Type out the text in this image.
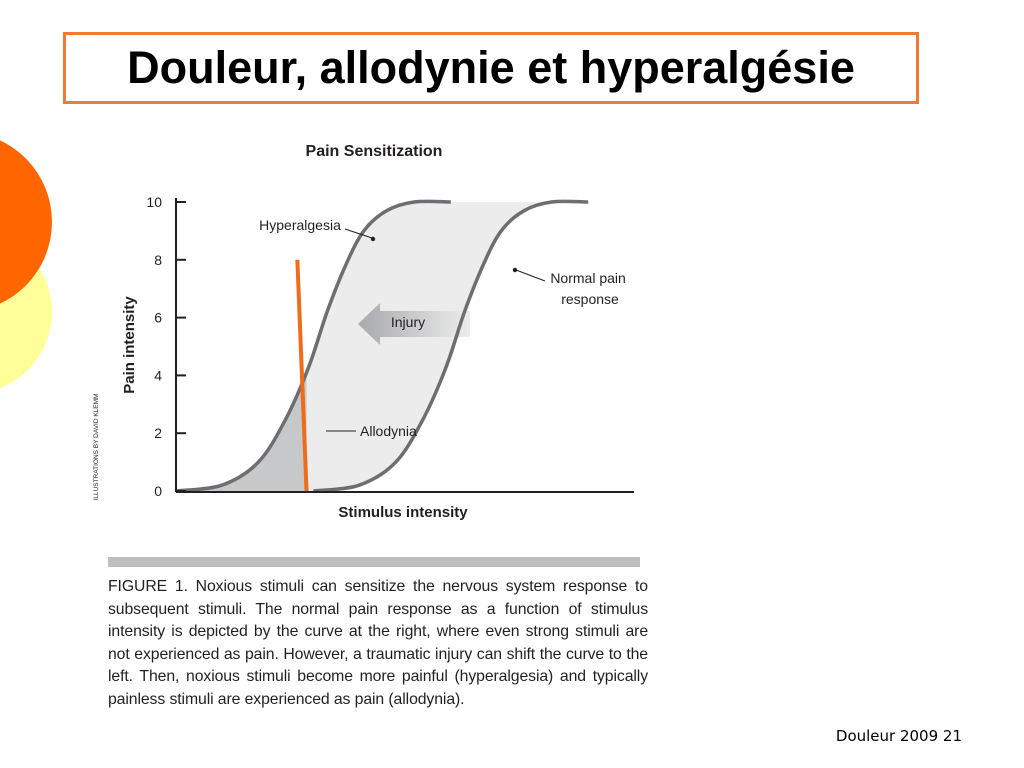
Douleur, allodynie et hyperalgésie
Pain Sensitization
Injury
0
2
4
6
8
10
Pain intensity
Stimulus intensity
Hyperalgesia
Normal pain response
Allodynia
ILLUSTRATIONS BY DAVID KLEMM
FIGURE 1. Noxious stimuli can sensitize the nervous system response to subsequent stimuli. The normal pain response as a function of stimulus intensity is depicted by the curve at the right, where even strong stimuli are not experienced as pain. However, a traumatic injury can shift the curve to the left. Then, noxious stimuli become more painful (hyperalgesia) and typically painless stimuli are experienced as pain (allodynia).
Douleur 2009 21
